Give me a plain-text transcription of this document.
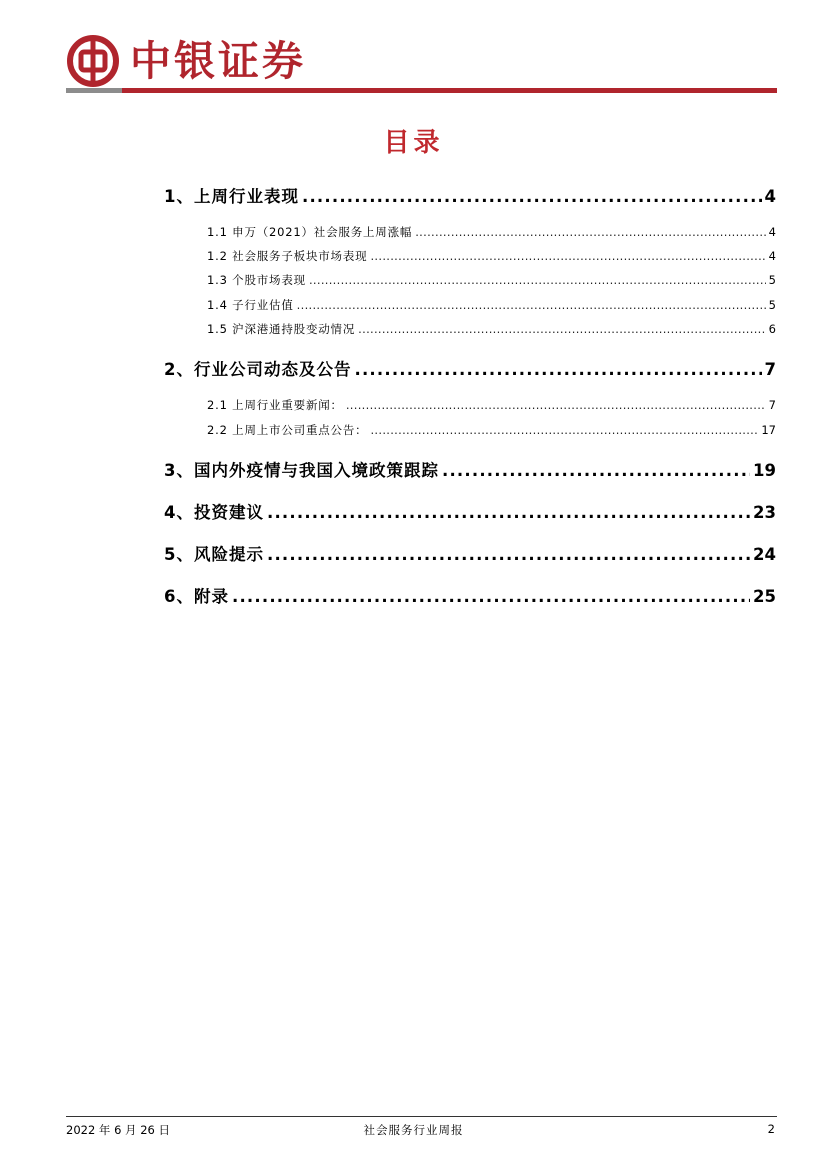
中银证券
目录
1、上周行业表现 .....	4
1.1 申万（2021）社会服务上周涨幅 .....	4
1.2 社会服务子板块市场表现 .....	4
1.3 个股市场表现 .....	5
1.4 子行业估值 .....	5
1.5 沪深港通持股变动情况 .....	6
2、行业公司动态及公告 .....	7
2.1 上周行业重要新闻： .....	7
2.2 上周上市公司重点公告： .....	17
3、国内外疫情与我国入境政策跟踪 .....	19
4、投资建议 .....	23
5、风险提示 .....	24
6、附录 .....	25
2022 年 6 月 26 日	社会服务行业周报	2
